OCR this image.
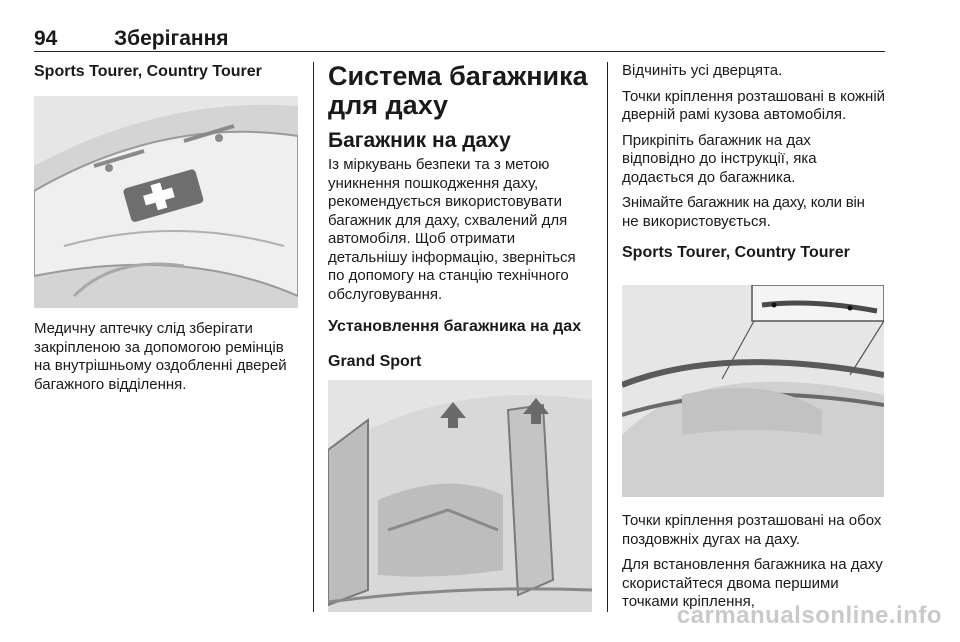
94	Зберігання
Sports Tourer, Country Tourer
Медичну аптечку слід зберігати закріпленою за допомогою ремінців на внутрішньому оздобленні дверей багажного відділення.
Система багажника
для даху
Багажник на даху
Із міркувань безпеки та з метою уникнення пошкодження даху, рекомендується використовувати багажник для даху, схвалений для автомобіля. Щоб отримати детальнішу інформацію, зверніться по допомогу на станцію технічного обслуговування.
Установлення багажника на дах
Grand Sport
Відчиніть усі дверцята.
Точки кріплення розташовані в кожній дверній рамі кузова автомобіля.
Прикріпіть багажник на дах відповідно до інструкції, яка додається до багажника.
Знімайте багажник на даху, коли він
не використовується.
Sports Tourer, Country Tourer
Точки кріплення розташовані на обох поздовжніх дугах на даху.
Для встановлення багажника на даху скористайтеся двома першими точками кріплення,
carmanualsonline.info
